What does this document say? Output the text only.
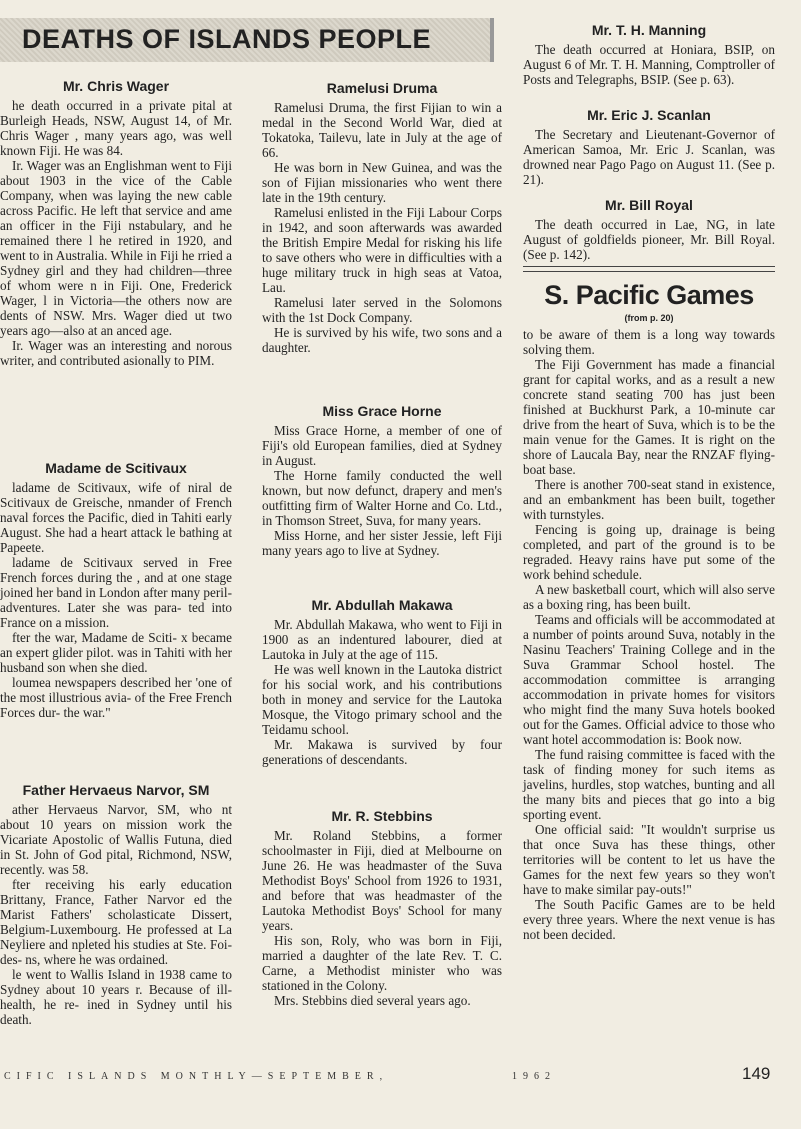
DEATHS OF ISLANDS PEOPLE
Mr. Chris Wager

he death occurred in a private pital at Burleigh Heads, NSW, August 14, of Mr. Chris Wager , many years ago, was well known Fiji. He was 84.

Ir. Wager was an Englishman went to Fiji about 1903 in the vice of the Cable Company, when was laying the new cable across Pacific. He left that service and ame an officer in the Fiji nstabulary, and he remained there l he retired in 1920, and went to in Australia. While in Fiji he rried a Sydney girl and they had children—three of whom were n in Fiji. One, Frederick Wager, l in Victoria—the others now are dents of NSW. Mrs. Wager died ut two years ago—also at an anced age.

Ir. Wager was an interesting and norous writer, and contributed asionally to PIM.

Madame de Scitivaux

ladame de Scitivaux, wife of niral de Scitivaux de Greische, nmander of French naval forces the Pacific, died in Tahiti early August. She had a heart attack le bathing at Papeete.

ladame de Scitivaux served in Free French forces during the , and at one stage joined her band in London after many peril- adventures. Later she was para- ted into France on a mission.

fter the war, Madame de Sciti- x became an expert glider pilot. was in Tahiti with her husband son when she died.

loumea newspapers described her 'one of the most illustrious avia- of the Free French Forces dur- the war."

Father Hervaeus Narvor, SM

ather Hervaeus Narvor, SM, who nt about 10 years on mission work the Vicariate Apostolic of Wallis Futuna, died in St. John of God pital, Richmond, NSW, recently. was 58.

fter receiving his early education Brittany, France, Father Narvor ed the Marist Fathers' scholasticate Dissert, Belgium-Luxembourg. He professed at La Neyliere and npleted his studies at Ste. Foi-des- ns, where he was ordained.

le went to Wallis Island in 1938 came to Sydney about 10 years r. Because of ill-health, he re- ined in Sydney until his death.

Ramelusi Druma

Ramelusi Druma, the first Fijian to win a medal in the Second World War, died at Tokatoka, Tailevu, late in July at the age of 66.

He was born in New Guinea, and was the son of Fijian missionaries who went there late in the 19th century.

Ramelusi enlisted in the Fiji Labour Corps in 1942, and soon afterwards was awarded the British Empire Medal for risking his life to save others who were in difficulties with a huge military truck in high seas at Vatoa, Lau.

Ramelusi later served in the Solomons with the 1st Dock Company.

He is survived by his wife, two sons and a daughter.

Miss Grace Horne

Miss Grace Horne, a member of one of Fiji's old European families, died at Sydney in August.

The Horne family conducted the well known, but now defunct, drapery and men's outfitting firm of Walter Horne and Co. Ltd., in Thomson Street, Suva, for many years.

Miss Horne, and her sister Jessie, left Fiji many years ago to live at Sydney.

Mr. Abdullah Makawa

Mr. Abdullah Makawa, who went to Fiji in 1900 as an indentured labourer, died at Lautoka in July at the age of 115.

He was well known in the Lautoka district for his social work, and his contributions both in money and service for the Lautoka Mosque, the Vitogo primary school and the Teidamu school.

Mr. Makawa is survived by four generations of descendants.

Mr. R. Stebbins

Mr. Roland Stebbins, a former schoolmaster in Fiji, died at Melbourne on June 26. He was headmaster of the Suva Methodist Boys' School from 1926 to 1931, and before that was headmaster of the Lautoka Methodist Boys' School for many years.

His son, Roly, who was born in Fiji, married a daughter of the late Rev. T. C. Carne, a Methodist minister who was stationed in the Colony.

Mrs. Stebbins died several years ago.

Mr. T. H. Manning

The death occurred at Honiara, BSIP, on August 6 of Mr. T. H. Manning, Comptroller of Posts and Telegraphs, BSIP. (See p. 63).

Mr. Eric J. Scanlan

The Secretary and Lieutenant-Governor of American Samoa, Mr. Eric J. Scanlan, was drowned near Pago Pago on August 11. (See p. 21).

Mr. Bill Royal

The death occurred in Lae, NG, in late August of goldfields pioneer, Mr. Bill Royal. (See p. 142).

S. Pacific Games
(from p. 20)

to be aware of them is a long way towards solving them.

The Fiji Government has made a financial grant for capital works, and as a result a new concrete stand seating 700 has just been finished at Buckhurst Park, a 10-minute car drive from the heart of Suva, which is to be the main venue for the Games. It is right on the shore of Laucala Bay, near the RNZAF flying-boat base.

There is another 700-seat stand in existence, and an embankment has been built, together with turnstyles.

Fencing is going up, drainage is being completed, and part of the ground is to be regraded. Heavy rains have put some of the work behind schedule.

A new basketball court, which will also serve as a boxing ring, has been built.

Teams and officials will be accommodated at a number of points around Suva, notably in the Nasinu Teachers' Training College and in the Suva Grammar School hostel. The accommodation committee is arranging accommodation in private homes for visitors who might find the many Suva hotels booked out for the Games. Official advice to those who want hotel accommodation is: Book now.

The fund raising committee is faced with the task of finding money for such items as javelins, hurdles, stop watches, bunting and all the many bits and pieces that go into a big sporting event.

One official said: "It wouldn't surprise us that once Suva has these things, other territories will be content to let us have the Games for the next few years so they won't have to make similar pay-outs!"

The South Pacific Games are to be held every three years. Where the next venue is has not been decided.

CIFIC ISLANDS MONTHLY—SEPTEMBER,	1962	149
